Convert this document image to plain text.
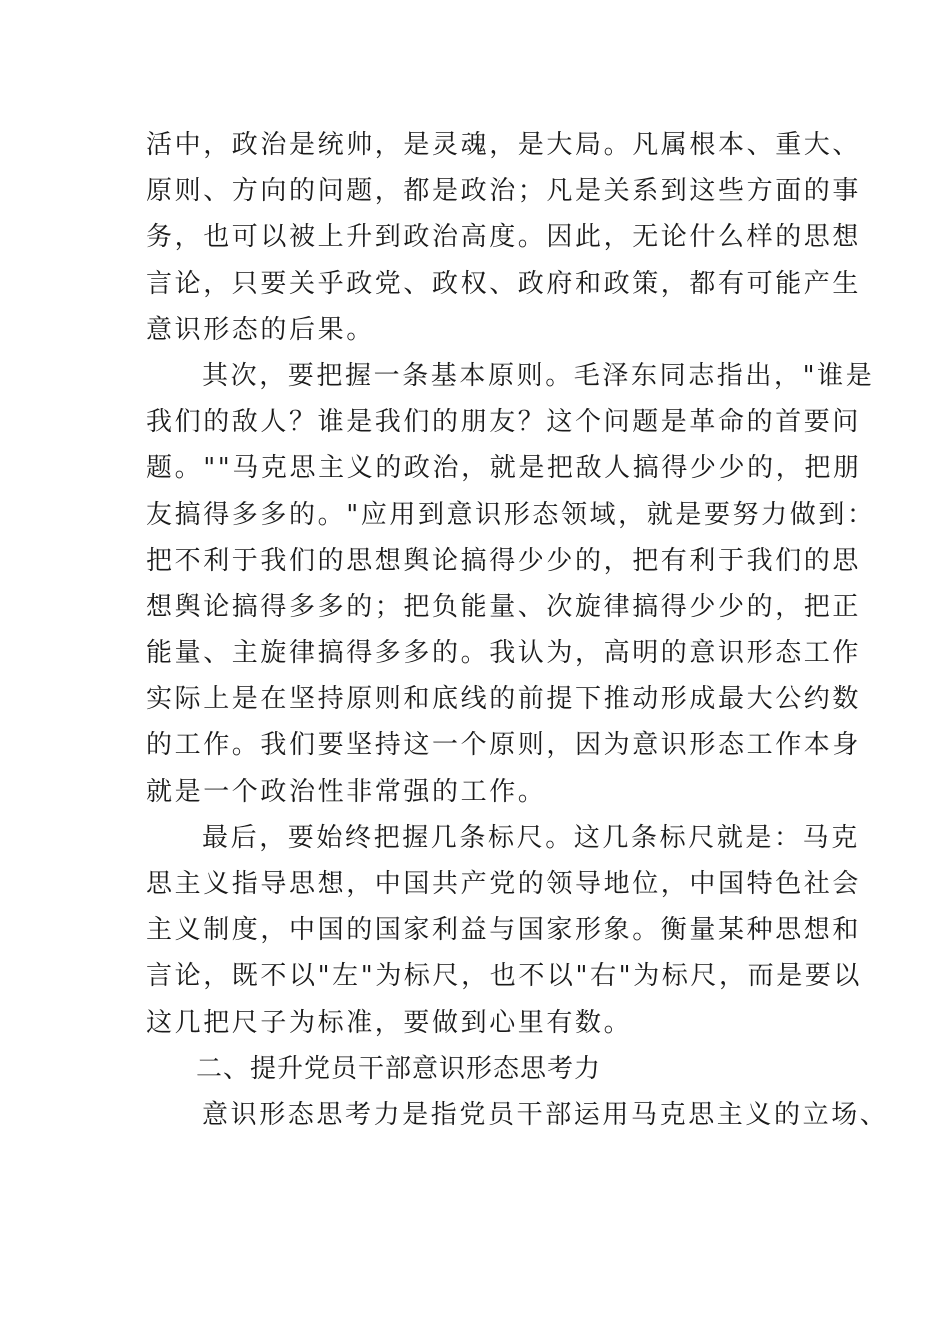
活中，政治是统帅，是灵魂，是大局。凡属根本、重大、
原则、方向的问题，都是政治；凡是关系到这些方面的事
务，也可以被上升到政治高度。因此，无论什么样的思想
言论，只要关乎政党、政权、政府和政策，都有可能产生
意识形态的后果。
其次，要把握一条基本原则。毛泽东同志指出，"谁是
我们的敌人？谁是我们的朋友？这个问题是革命的首要问
题。""马克思主义的政治，就是把敌人搞得少少的，把朋
友搞得多多的。"应用到意识形态领域，就是要努力做到：
把不利于我们的思想舆论搞得少少的，把有利于我们的思
想舆论搞得多多的；把负能量、次旋律搞得少少的，把正
能量、主旋律搞得多多的。我认为，高明的意识形态工作
实际上是在坚持原则和底线的前提下推动形成最大公约数
的工作。我们要坚持这一个原则，因为意识形态工作本身
就是一个政治性非常强的工作。
最后，要始终把握几条标尺。这几条标尺就是：马克
思主义指导思想，中国共产党的领导地位，中国特色社会
主义制度，中国的国家利益与国家形象。衡量某种思想和
言论，既不以"左"为标尺，也不以"右"为标尺，而是要以
这几把尺子为标准，要做到心里有数。
二、提升党员干部意识形态思考力
意识形态思考力是指党员干部运用马克思主义的立场、
